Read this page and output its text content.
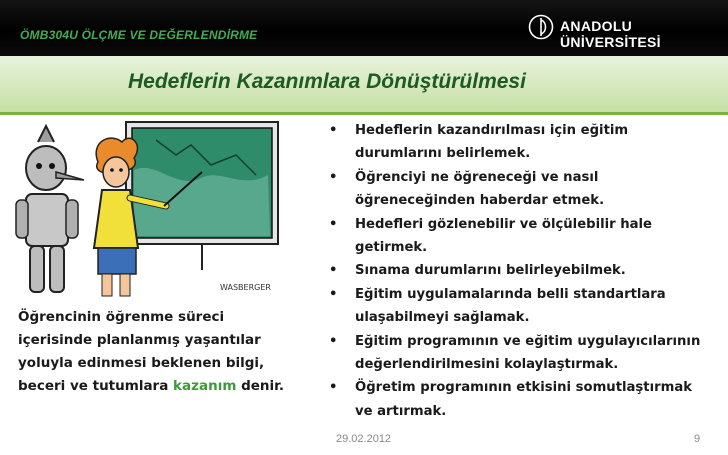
ÖMB304U ÖLÇME VE DEĞERLENDİRME
ANADOLU ÜNİVERSİTESİ
Hedeflerin Kazanımlara Dönüştürülmesi
WASBERGER
Öğrencinin öğrenme süreci
içerisinde planlanmış yaşantılar
yoluyla edinmesi beklenen bilgi,
beceri ve tutumlara kazanım denir.
• Hedeflerin kazandırılması için eğitim
durumlarını belirlemek.
• Öğrenciyi ne öğreneceği ve nasıl
öğreneceğinden haberdar etmek.
• Hedefleri gözlenebilir ve ölçülebilir hale
getirmek.
• Sınama durumlarını belirleyebilmek.
• Eğitim uygulamalarında belli standartlara
ulaşabilmeyi sağlamak.
• Eğitim programının ve eğitim uygulayıcılarının
değerlendirilmesini kolaylaştırmak.
• Öğretim programının etkisini somutlaştırmak
ve artırmak.
29.02.2012	9
